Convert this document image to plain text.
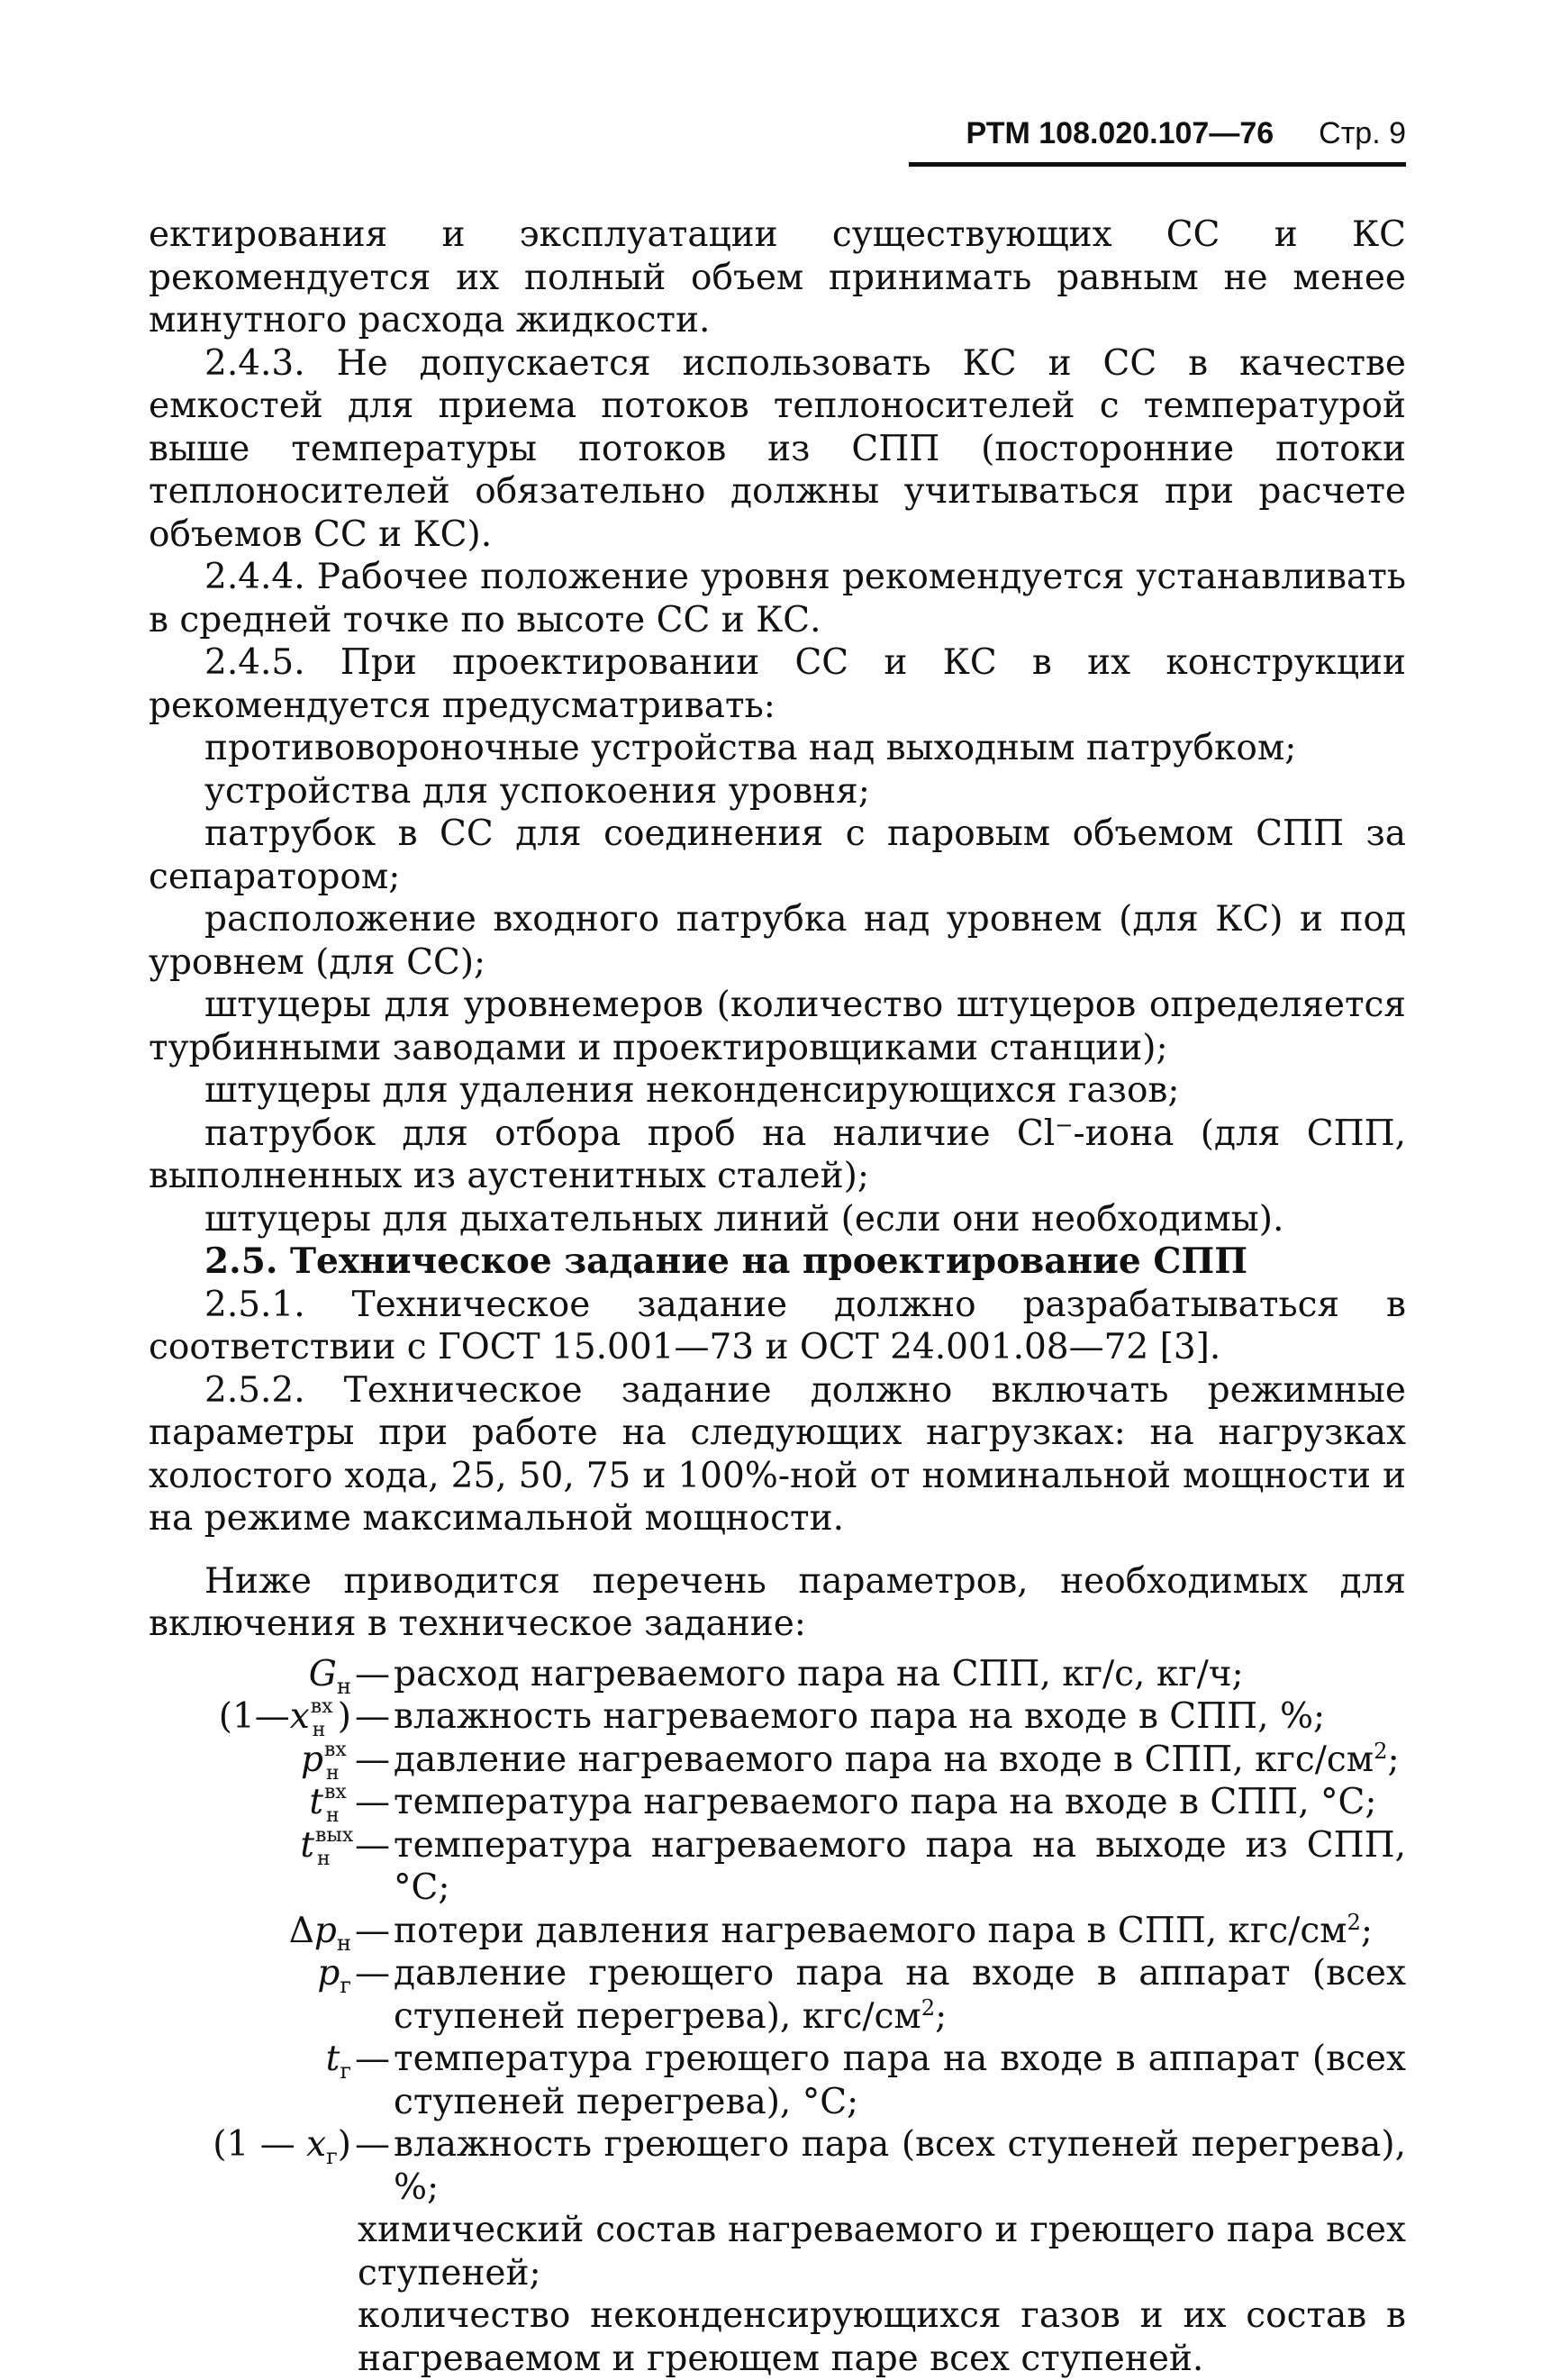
РТМ 108.020.107—76 Стр. 9

ектирования и эксплуатации существующих СС и КС рекомендуется их полный объем принимать равным не менее минутного расхода жидкости.

2.4.3. Не допускается использовать КС и СС в качестве емкостей для приема потоков теплоносителей с температурой выше температуры потоков из СПП (посторонние потоки теплоносителей обязательно должны учитываться при расчете объемов СС и КС).

2.4.4. Рабочее положение уровня рекомендуется устанавливать в средней точке по высоте СС и КС.

2.4.5. При проектировании СС и КС в их конструкции рекомендуется предусматривать:

противовороночные устройства над выходным патрубком;

устройства для успокоения уровня;

патрубок в СС для соединения с паровым объемом СПП за сепаратором;

расположение входного патрубка над уровнем (для КС) и под уровнем (для СС);

штуцеры для уровнемеров (количество штуцеров определяется турбинными заводами и проектировщиками станции);

штуцеры для удаления неконденсирующихся газов;

патрубок для отбора проб на наличие Cl−-иона (для СПП, выполненных из аустенитных сталей);

штуцеры для дыхательных линий (если они необходимы).

2.5. Техническое задание на проектирование СПП

2.5.1. Техническое задание должно разрабатываться в соответствии с ГОСТ 15.001—73 и ОСТ 24.001.08—72 [3].

2.5.2. Техническое задание должно включать режимные параметры при работе на следующих нагрузках: на нагрузках холостого хода, 25, 50, 75 и 100%-ной от номинальной мощности и на режиме максимальной мощности.

Ниже приводится перечень параметров, необходимых для включения в техническое задание:

$G_н$ — расход нагреваемого пара на СПП, кг/с, кг/ч;
(1—x вх
н ) — влажность нагреваемого пара на входе в СПП, %;
p вх
н — давление нагреваемого пара на входе в СПП, кгс/$см^2$;
t вх
н — температура нагреваемого пара на входе в СПП, °С;
t вых
н — температура нагреваемого пара на выходе из СПП, °С;
$\Delta p_н$ — потери давления нагреваемого пара в СПП, кгс/$см^2$;
$p_г$ — давление греющего пара на входе в аппарат (всех ступеней перегрева), кгс/$см^2$;
$t_г$ — температура греющего пара на входе в аппарат (всех ступеней перегрева), °С;
(1 — $x_г$) — влажность греющего пара (всех ступеней перегрева), %;

химический состав нагреваемого и греющего пара всех ступеней;

количество неконденсирующихся газов и их состав в нагреваемом и греющем паре всех ступеней.
